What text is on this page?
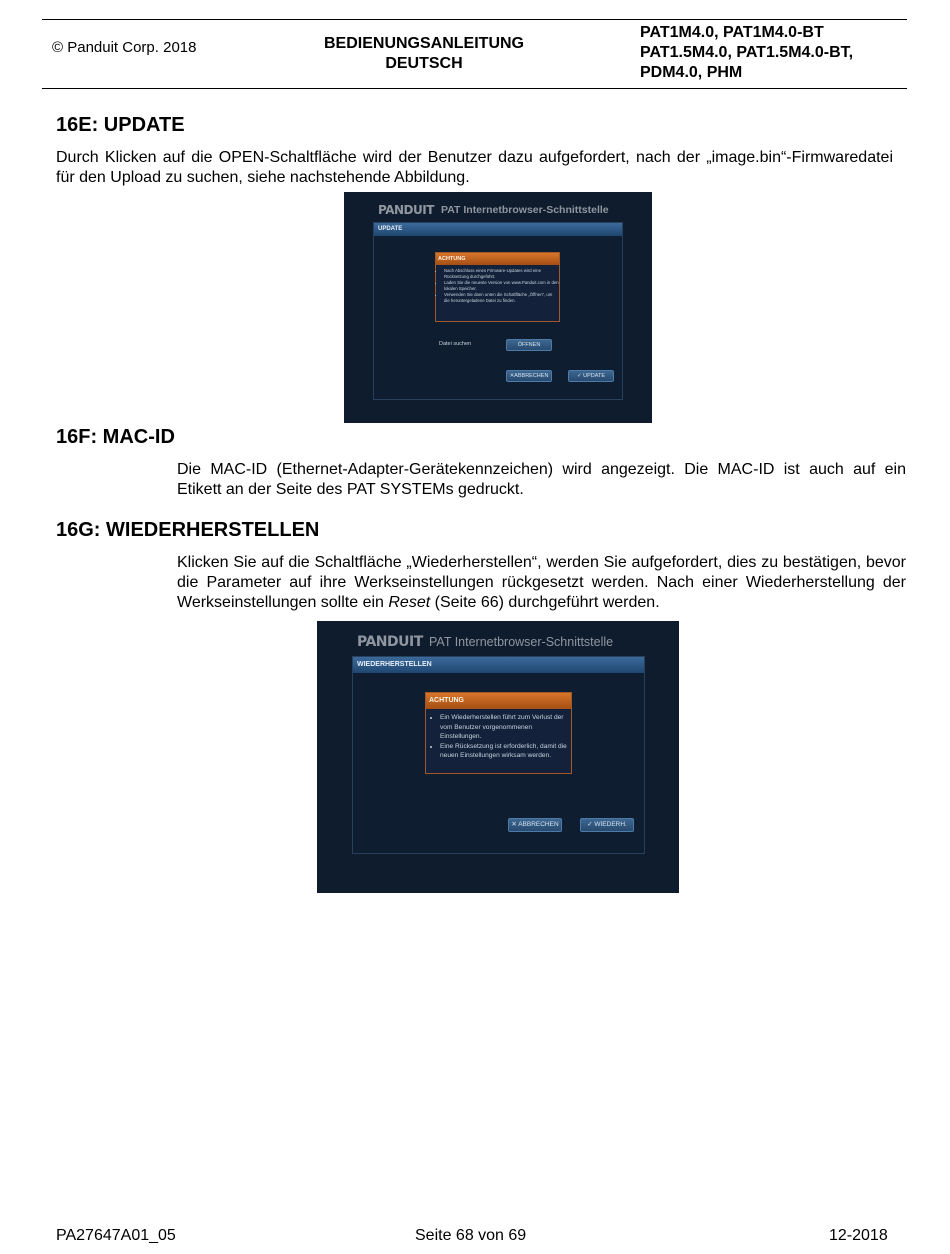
© Panduit Corp. 2018	BEDIENUNGSANLEITUNG
DEUTSCH
PAT1M4.0, PAT1M4.0-BT
PAT1.5M4.0, PAT1.5M4.0-BT,
PDM4.0, PHM
16E: UPDATE
Durch Klicken auf die OPEN-Schaltfläche wird der Benutzer dazu aufgefordert, nach der „image.bin“-Firmwaredatei für den Upload zu suchen, siehe nachstehende Abbildung.
PANDUIT PAT Internetbrowser-Schnittstelle
UPDATE
ACHTUNG
• Nach Abschluss eines Firmware-Updates wird eine Rücksetzung durchgeführt.
• Laden Sie die neueste Version von www.Panduit.com in den lokalen Speicher.
• Verwenden Sie dann unten die Schaltfläche „Öffnen“, um die heruntergeladene Datei zu finden.
Datei suchen	ÖFFNEN
✕ABBRECHEN	✓ UPDATE
16F: MAC-ID
Die MAC-ID (Ethernet-Adapter-Gerätekennzeichen) wird angezeigt. Die MAC-ID ist auch auf ein Etikett an der Seite des PAT SYSTEMs gedruckt.
16G: WIEDERHERSTELLEN
Klicken Sie auf die Schaltfläche „Wiederherstellen“, werden Sie aufgefordert, dies zu bestätigen, bevor die Parameter auf ihre Werkseinstellungen rückgesetzt werden. Nach einer Wiederherstellung der Werkseinstellungen sollte ein Reset (Seite 66) durchgeführt werden.
PANDUIT PAT Internetbrowser-Schnittstelle
WIEDERHERSTELLEN
ACHTUNG
• Ein Wiederherstellen führt zum Verlust der vom Benutzer vorgenommenen Einstellungen.
• Eine Rücksetzung ist erforderlich, damit die neuen Einstellungen wirksam werden.
✕ ABBRECHEN	✓ WIEDERH.
PA27647A01_05	Seite 68 von 69	12-2018
